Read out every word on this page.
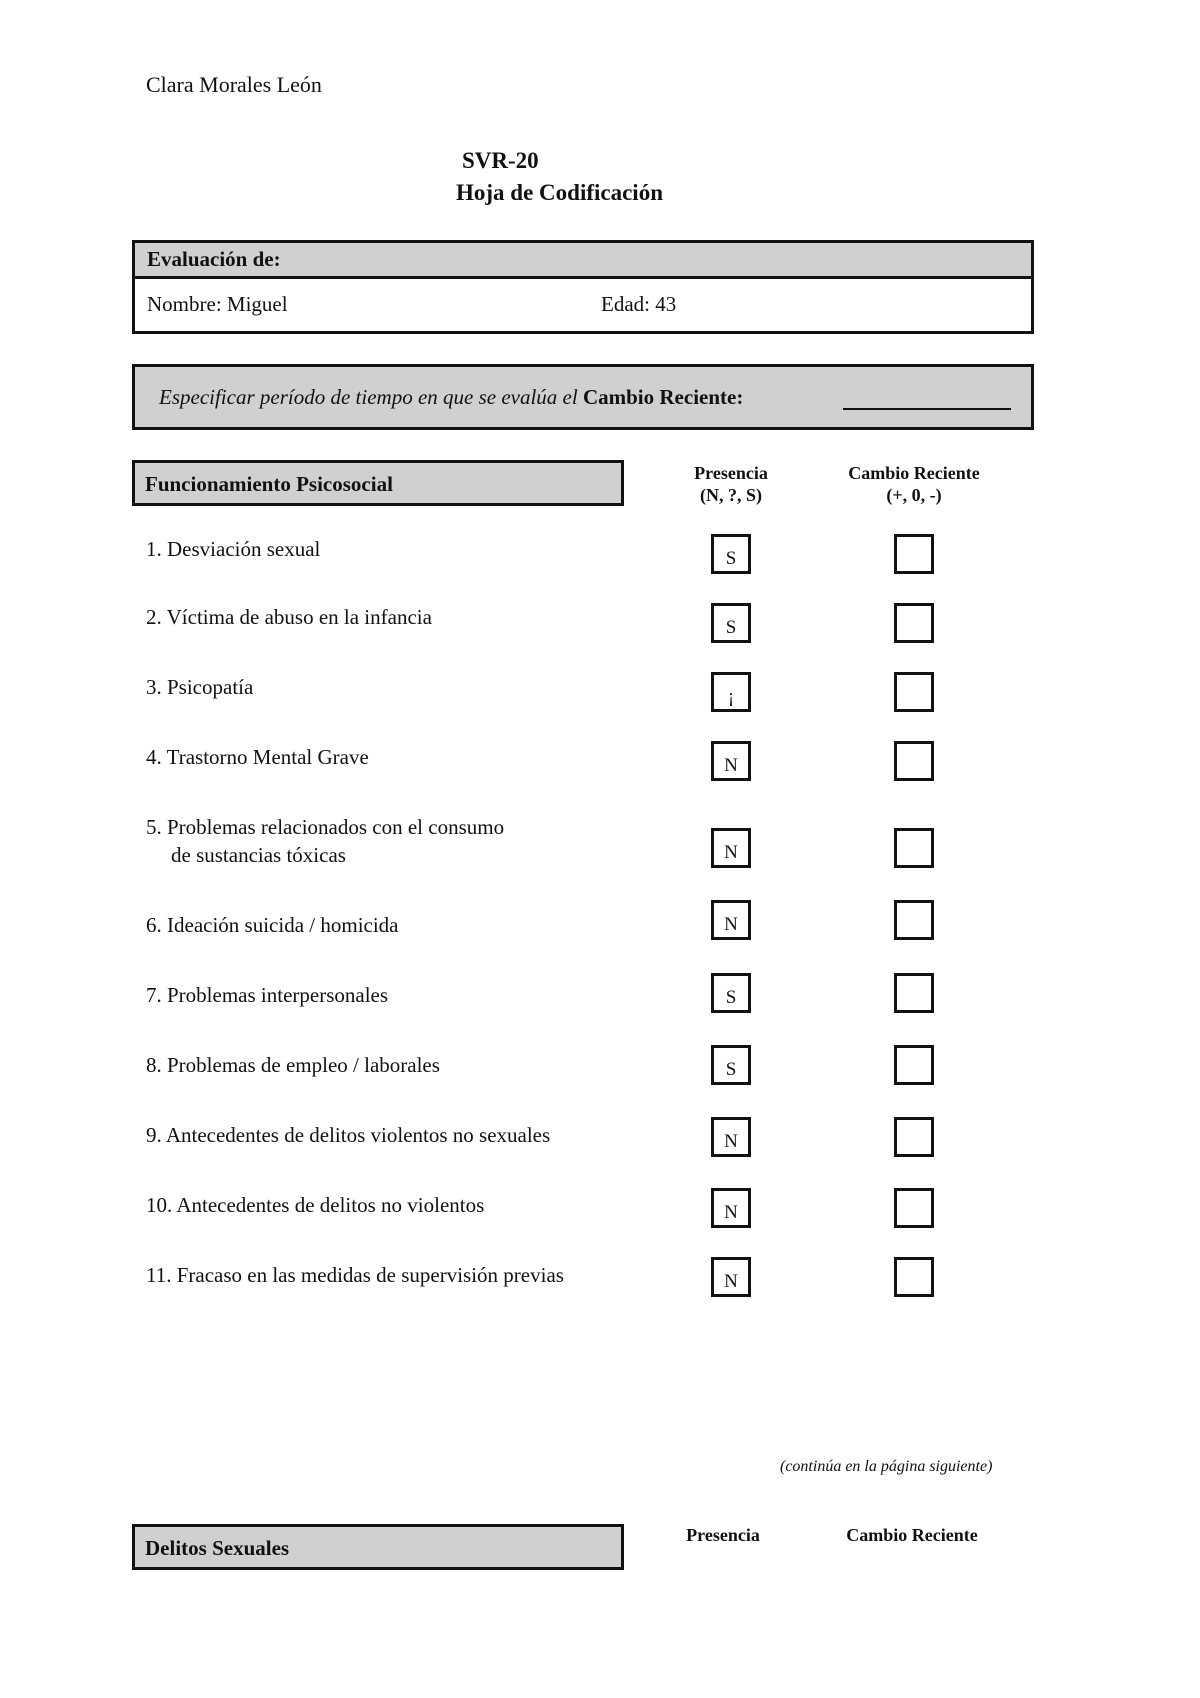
Clara Morales León
SVR-20
Hoja de Codificación
Evaluación de:
Nombre: Miguel	Edad: 43
Especificar período de tiempo en que se evalúa el Cambio Reciente:
Funcionamiento Psicosocial	Presencia
(N, ?, S)
Cambio Reciente
(+, 0, -)
1. Desviación sexual	S
2. Víctima de abuso en la infancia	S
3. Psicopatía	¡
4. Trastorno Mental Grave	N
5. Problemas relacionados con el consumo
de sustancias tóxicas	N
6. Ideación suicida / homicida	N
7. Problemas interpersonales	S
8. Problemas de empleo / laborales	S
9. Antecedentes de delitos violentos no sexuales	N
10. Antecedentes de delitos no violentos	N
11. Fracaso en las medidas de supervisión previas	N
(continúa en la página siguiente)
Delitos Sexuales
Presencia	Cambio Reciente
